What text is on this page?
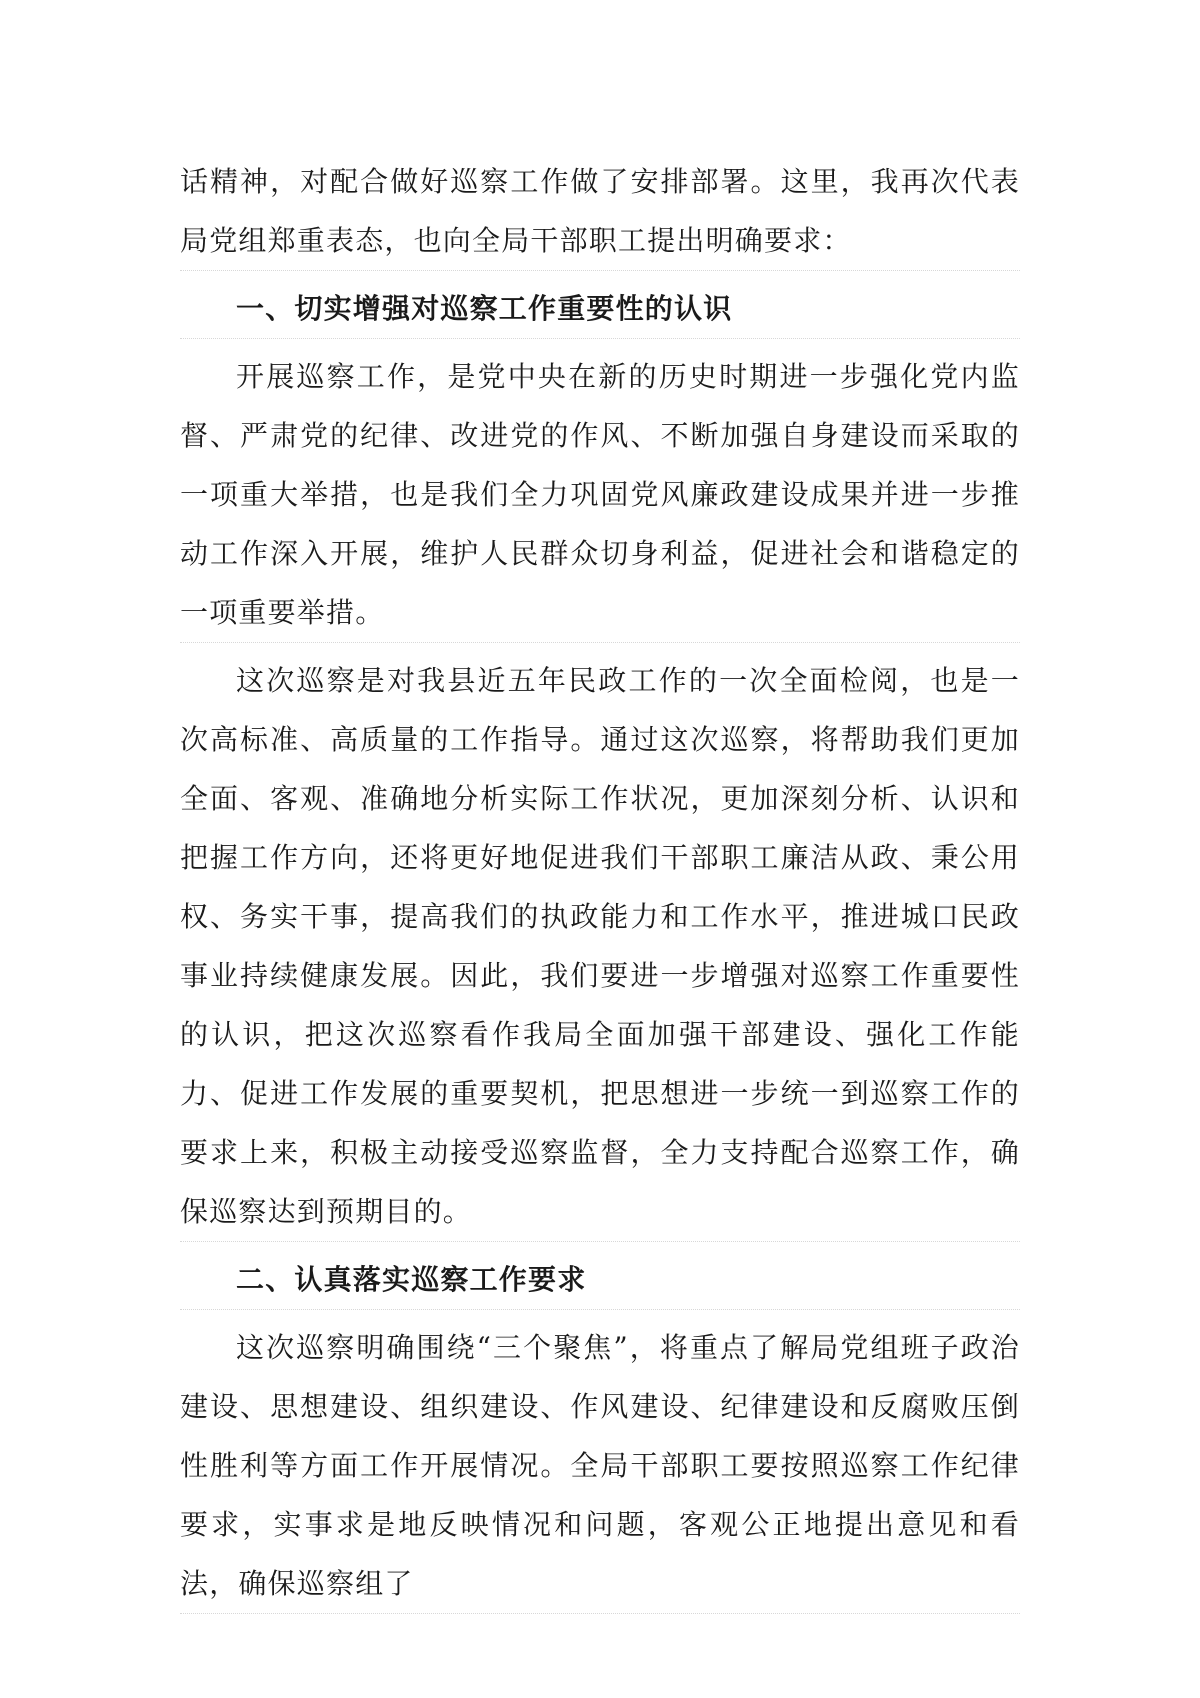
话精神，对配合做好巡察工作做了安排部署。这里，我再次代表局党组郑重表态，也向全局干部职工提出明确要求：

一、切实增强对巡察工作重要性的认识

开展巡察工作，是党中央在新的历史时期进一步强化党内监督、严肃党的纪律、改进党的作风、不断加强自身建设而采取的一项重大举措，也是我们全力巩固党风廉政建设成果并进一步推动工作深入开展，维护人民群众切身利益，促进社会和谐稳定的一项重要举措。

这次巡察是对我县近五年民政工作的一次全面检阅，也是一次高标准、高质量的工作指导。通过这次巡察，将帮助我们更加全面、客观、准确地分析实际工作状况，更加深刻分析、认识和把握工作方向，还将更好地促进我们干部职工廉洁从政、秉公用权、务实干事，提高我们的执政能力和工作水平，推进城口民政事业持续健康发展。因此，我们要进一步增强对巡察工作重要性的认识，把这次巡察看作我局全面加强干部建设、强化工作能力、促进工作发展的重要契机，把思想进一步统一到巡察工作的要求上来，积极主动接受巡察监督，全力支持配合巡察工作，确保巡察达到预期目的。

二、认真落实巡察工作要求

这次巡察明确围绕“三个聚焦”，将重点了解局党组班子政治建设、思想建设、组织建设、作风建设、纪律建设和反腐败压倒性胜利等方面工作开展情况。全局干部职工要按照巡察工作纪律要求，实事求是地反映情况和问题，客观公正地提出意见和看法，确保巡察组了
